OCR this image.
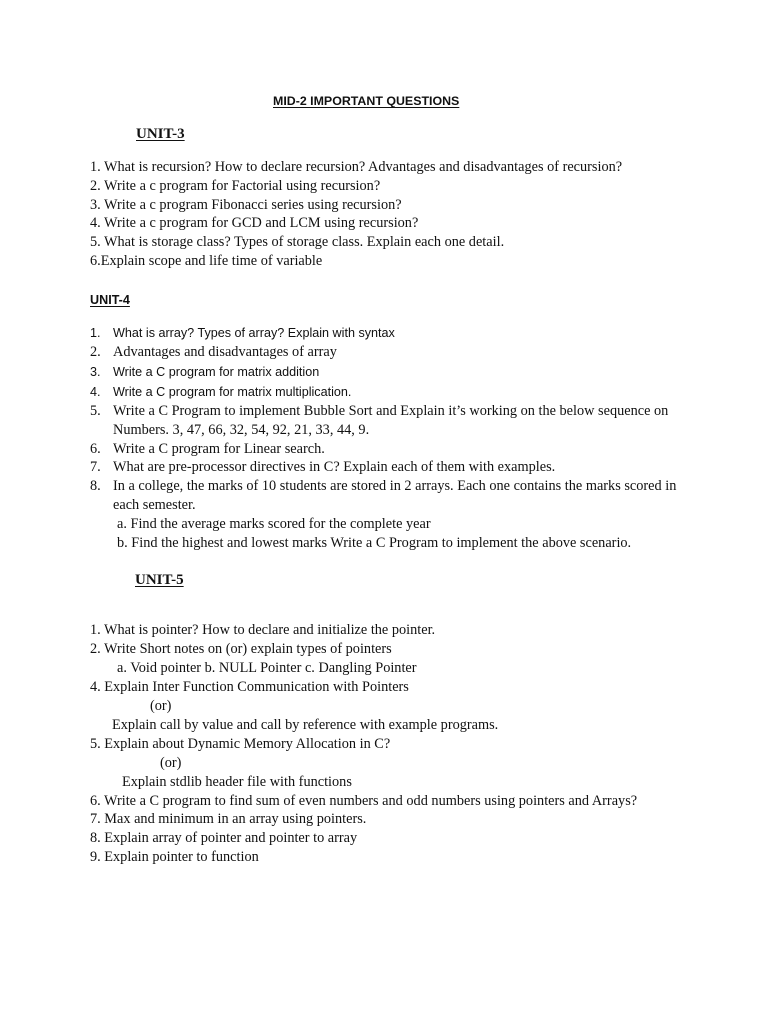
MID-2 IMPORTANT QUESTIONS
UNIT-3
1. What is recursion? How to declare recursion? Advantages and disadvantages of recursion?
2. Write a c program for Factorial using recursion?
3. Write a c program Fibonacci series using recursion?
4. Write a c program for GCD and LCM using recursion?
5. What is storage class? Types of storage class. Explain each one detail.
6.Explain scope and life time of variable
UNIT-4
1. What is array? Types of array? Explain with syntax
2. Advantages and disadvantages of array
3. Write a C program for matrix addition
4. Write a C program for matrix multiplication.
5. Write a C Program to implement Bubble Sort and Explain it’s working on the below sequence on
Numbers. 3, 47, 66, 32, 54, 92, 21, 33, 44, 9.
6. Write a C program for Linear search.
7. What are pre-processor directives in C? Explain each of them with examples.
8. In a college, the marks of 10 students are stored in 2 arrays. Each one contains the marks scored in
each semester.
a. Find the average marks scored for the complete year
b. Find the highest and lowest marks Write a C Program to implement the above scenario.
UNIT-5
1. What is pointer? How to declare and initialize the pointer.
2. Write Short notes on (or) explain types of pointers
a. Void pointer b. NULL Pointer c. Dangling Pointer
4. Explain Inter Function Communication with Pointers
(or)
Explain call by value and call by reference with example programs.
5. Explain about Dynamic Memory Allocation in C?
(or)
Explain stdlib header file with functions
6. Write a C program to find sum of even numbers and odd numbers using pointers and Arrays?
7. Max and minimum in an array using pointers.
8. Explain array of pointer and pointer to array
9. Explain pointer to function
